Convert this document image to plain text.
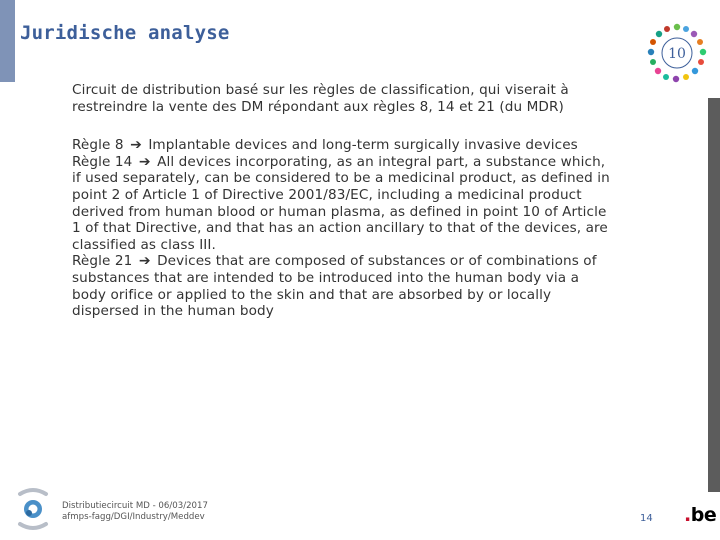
Juridische analyse
10

Circuit de distribution basé sur les règles de classification, qui viserait à restreindre la vente des DM répondant aux règles 8, 14 et 21 (du MDR)

Règle 8 ➔ Implantable devices and long-term surgically invasive devices

Règle 14 ➔ All devices incorporating, as an integral part, a substance which, if used separately, can be considered to be a medicinal product, as defined in point 2 of Article 1 of Directive 2001/83/EC, including a medicinal product derived from human blood or human plasma, as defined in point 10 of Article 1 of that Directive, and that has an action ancillary to that of the devices, are classified as class III.

Règle 21 ➔ Devices that are composed of substances or of combinations of substances that are intended to be introduced into the human body via a body orifice or applied to the skin and that are absorbed by or locally dispersed in the human body

Distributiecircuit MD - 06/03/2017
afmps-fagg/DGI/Industry/Meddev	14 .be
